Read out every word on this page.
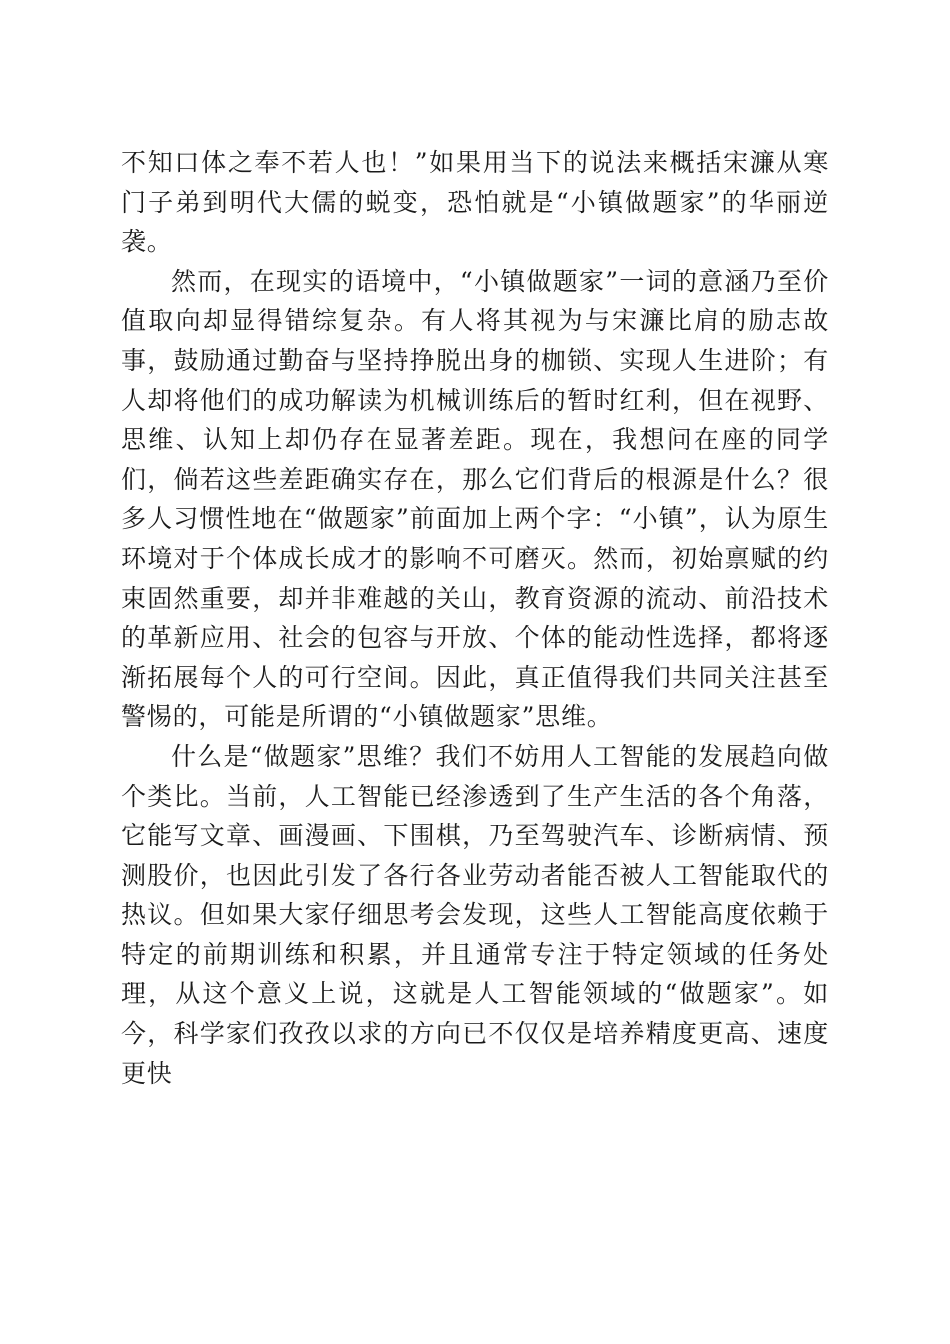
不知口体之奉不若人也！”如果用当下的说法来概括宋濂从寒门子弟到明代大儒的蜕变，恐怕就是“小镇做题家”的华丽逆袭。

然而，在现实的语境中，“小镇做题家”一词的意涵乃至价值取向却显得错综复杂。有人将其视为与宋濂比肩的励志故事，鼓励通过勤奋与坚持挣脱出身的枷锁、实现人生进阶；有人却将他们的成功解读为机械训练后的暂时红利，但在视野、思维、认知上却仍存在显著差距。现在，我想问在座的同学们，倘若这些差距确实存在，那么它们背后的根源是什么？很多人习惯性地在“做题家”前面加上两个字：“小镇”，认为原生环境对于个体成长成才的影响不可磨灭。然而，初始禀赋的约束固然重要，却并非难越的关山，教育资源的流动、前沿技术的革新应用、社会的包容与开放、个体的能动性选择，都将逐渐拓展每个人的可行空间。因此，真正值得我们共同关注甚至警惕的，可能是所谓的“小镇做题家”思维。

什么是“做题家”思维？我们不妨用人工智能的发展趋向做个类比。当前，人工智能已经渗透到了生产生活的各个角落，它能写文章、画漫画、下围棋，乃至驾驶汽车、诊断病情、预测股价，也因此引发了各行各业劳动者能否被人工智能取代的热议。但如果大家仔细思考会发现，这些人工智能高度依赖于特定的前期训练和积累，并且通常专注于特定领域的任务处理，从这个意义上说，这就是人工智能领域的“做题家”。如今，科学家们孜孜以求的方向已不仅仅是培养精度更高、速度更快
